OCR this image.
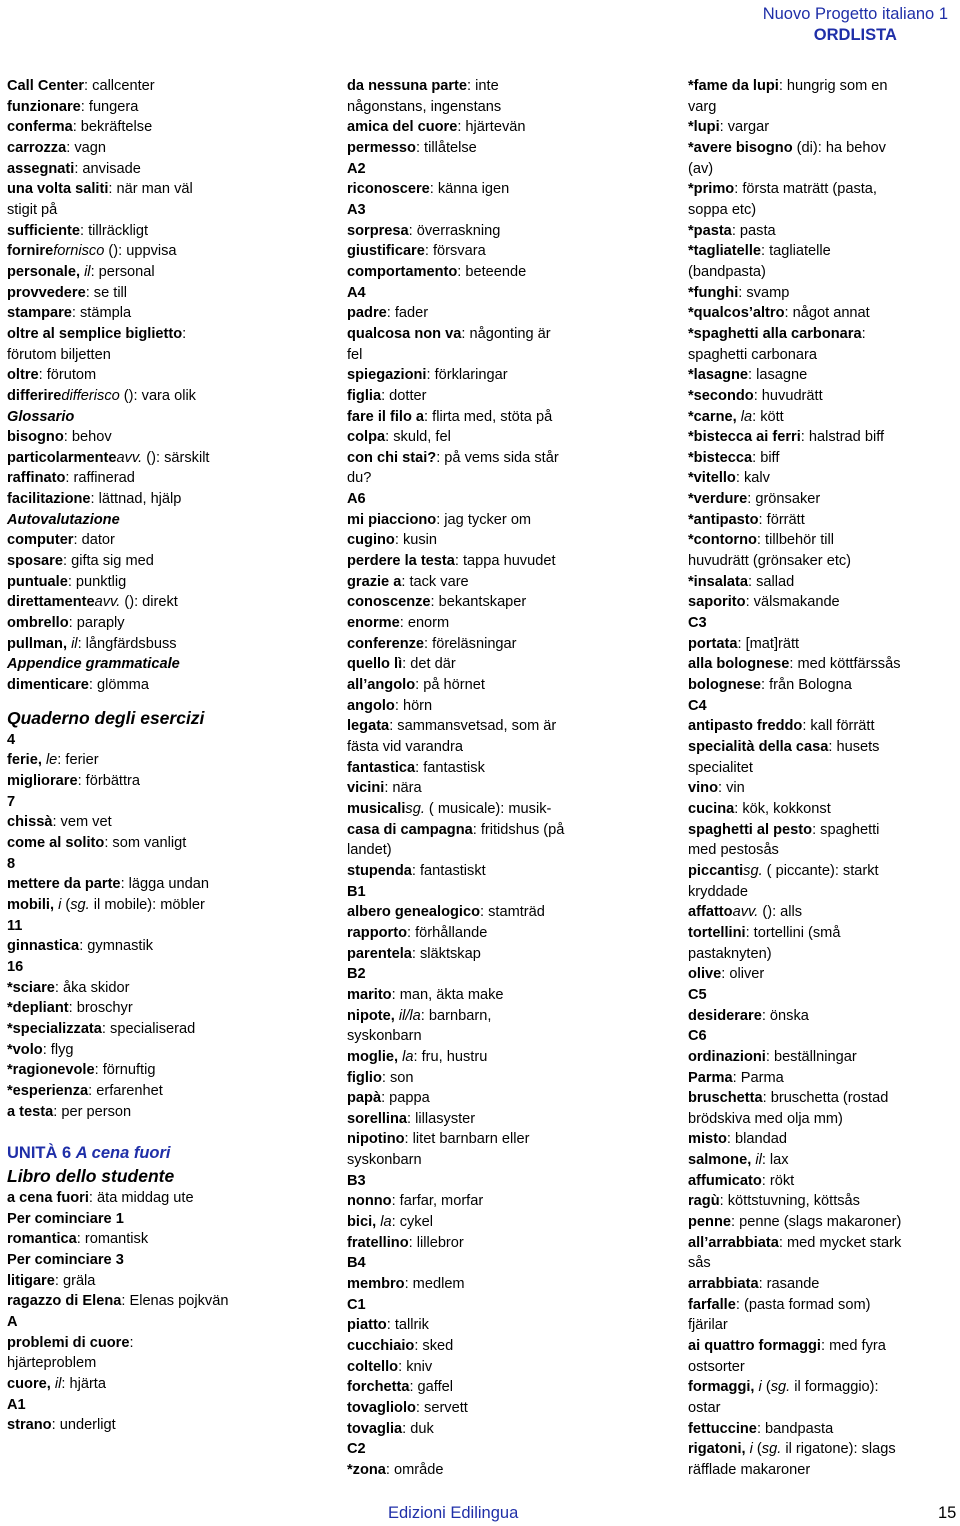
Nuovo Progetto italiano 1
ORDLISTA
Call Center: callcenter
funzionare: fungera
conferma: bekräftelse
carrozza: vagn
assegnati: anvisade
una volta saliti: när man väl
stigit på
sufficiente: tillräckligt
fornirefornisco (): uppvisa
personale, il: personal
provvedere: se till
stampare: stämpla
oltre al semplice biglietto:
förutom biljetten
oltre: förutom
differiredifferisco (): vara olik
Glossario
bisogno: behov
particolarmenteavv. (): särskilt
raffinato: raffinerad
facilitazione: lättnad, hjälp
Autovalutazione
computer: dator
sposare: gifta sig med
puntuale: punktlig
direttamenteavv. (): direkt
ombrello: paraply
pullman, il: långfärdsbuss
Appendice grammaticale
dimenticare: glömma
Quaderno degli esercizi
4
ferie, le: ferier
migliorare: förbättra
7
chissà: vem vet
come al solito: som vanligt
8
mettere da parte: lägga undan
mobili, i (sg. il mobile): möbler
11
ginnastica: gymnastik
16
*sciare: åka skidor
*depliant: broschyr
*specializzata: specialiserad
*volo: flyg
*ragionevole: förnuftig
*esperienza: erfarenhet
a testa: per person
UNITÀ 6 A cena fuori
Libro dello studente
a cena fuori: äta middag ute
Per cominciare 1
romantica: romantisk
Per cominciare 3
litigare: gräla
ragazzo di Elena: Elenas pojkvän
A
problemi di cuore:
hjärteproblem
cuore, il: hjärta
A1
strano: underligt
da nessuna parte: inte
någonstans, ingenstans
amica del cuore: hjärtevän
permesso: tillåtelse
A2
riconoscere: känna igen
A3
sorpresa: överraskning
giustificare: försvara
comportamento: beteende
A4
padre: fader
qualcosa non va: någonting är
fel
spiegazioni: förklaringar
figlia: dotter
fare il filo a: flirta med, stöta på
colpa: skuld, fel
con chi stai?: på vems sida står
du?
A6
mi piacciono: jag tycker om
cugino: kusin
perdere la testa: tappa huvudet
grazie a: tack vare
conoscenze: bekantskaper
enorme: enorm
conferenze: föreläsningar
quello lì: det där
all’angolo: på hörnet
angolo: hörn
legata: sammansvetsad, som är
fästa vid varandra
fantastica: fantastisk
vicini: nära
musicalisg. ( musicale): musik-
casa di campagna: fritidshus (på
landet)
stupenda: fantastiskt
B1
albero genealogico: stamträd
rapporto: förhållande
parentela: släktskap
B2
marito: man, äkta make
nipote, il/la: barnbarn,
syskonbarn
moglie, la: fru, hustru
figlio: son
papà: pappa
sorellina: lillasyster
nipotino: litet barnbarn eller
syskonbarn
B3
nonno: farfar, morfar
bici, la: cykel
fratellino: lillebror
B4
membro: medlem
C1
piatto: tallrik
cucchiaio: sked
coltello: kniv
forchetta: gaffel
tovagliolo: servett
tovaglia: duk
C2
*zona: område
*fame da lupi: hungrig som en
varg
*lupi: vargar
*avere bisogno (di): ha behov
(av)
*primo: första maträtt (pasta,
soppa etc)
*pasta: pasta
*tagliatelle: tagliatelle
(bandpasta)
*funghi: svamp
*qualcos’altro: något annat
*spaghetti alla carbonara:
spaghetti carbonara
*lasagne: lasagne
*secondo: huvudrätt
*carne, la: kött
*bistecca ai ferri: halstrad biff
*bistecca: biff
*vitello: kalv
*verdure: grönsaker
*antipasto: förrätt
*contorno: tillbehör till
huvudrätt (grönsaker etc)
*insalata: sallad
saporito: välsmakande
C3
portata: [mat]rätt
alla bolognese: med köttfärssås
bolognese: från Bologna
C4
antipasto freddo: kall förrätt
specialità della casa: husets
specialitet
vino: vin
cucina: kök, kokkonst
spaghetti al pesto: spaghetti
med pestosås
piccantisg. ( piccante): starkt
kryddade
affattoavv. (): alls
tortellini: tortellini (små
pastaknyten)
olive: oliver
C5
desiderare: önska
C6
ordinazioni: beställningar
Parma: Parma
bruschetta: bruschetta (rostad
brödskiva med olja mm)
misto: blandad
salmone, il: lax
affumicato: rökt
ragù: köttstuvning, köttsås
penne: penne (slags makaroner)
all’arrabbiata: med mycket stark
sås
arrabbiata: rasande
farfalle: (pasta formad som)
fjärilar
ai quattro formaggi: med fyra
ostsorter
formaggi, i (sg. il formaggio):
ostar
fettuccine: bandpasta
rigatoni, i (sg. il rigatone): slags
räfflade makaroner
Edizioni Edilingua	15
